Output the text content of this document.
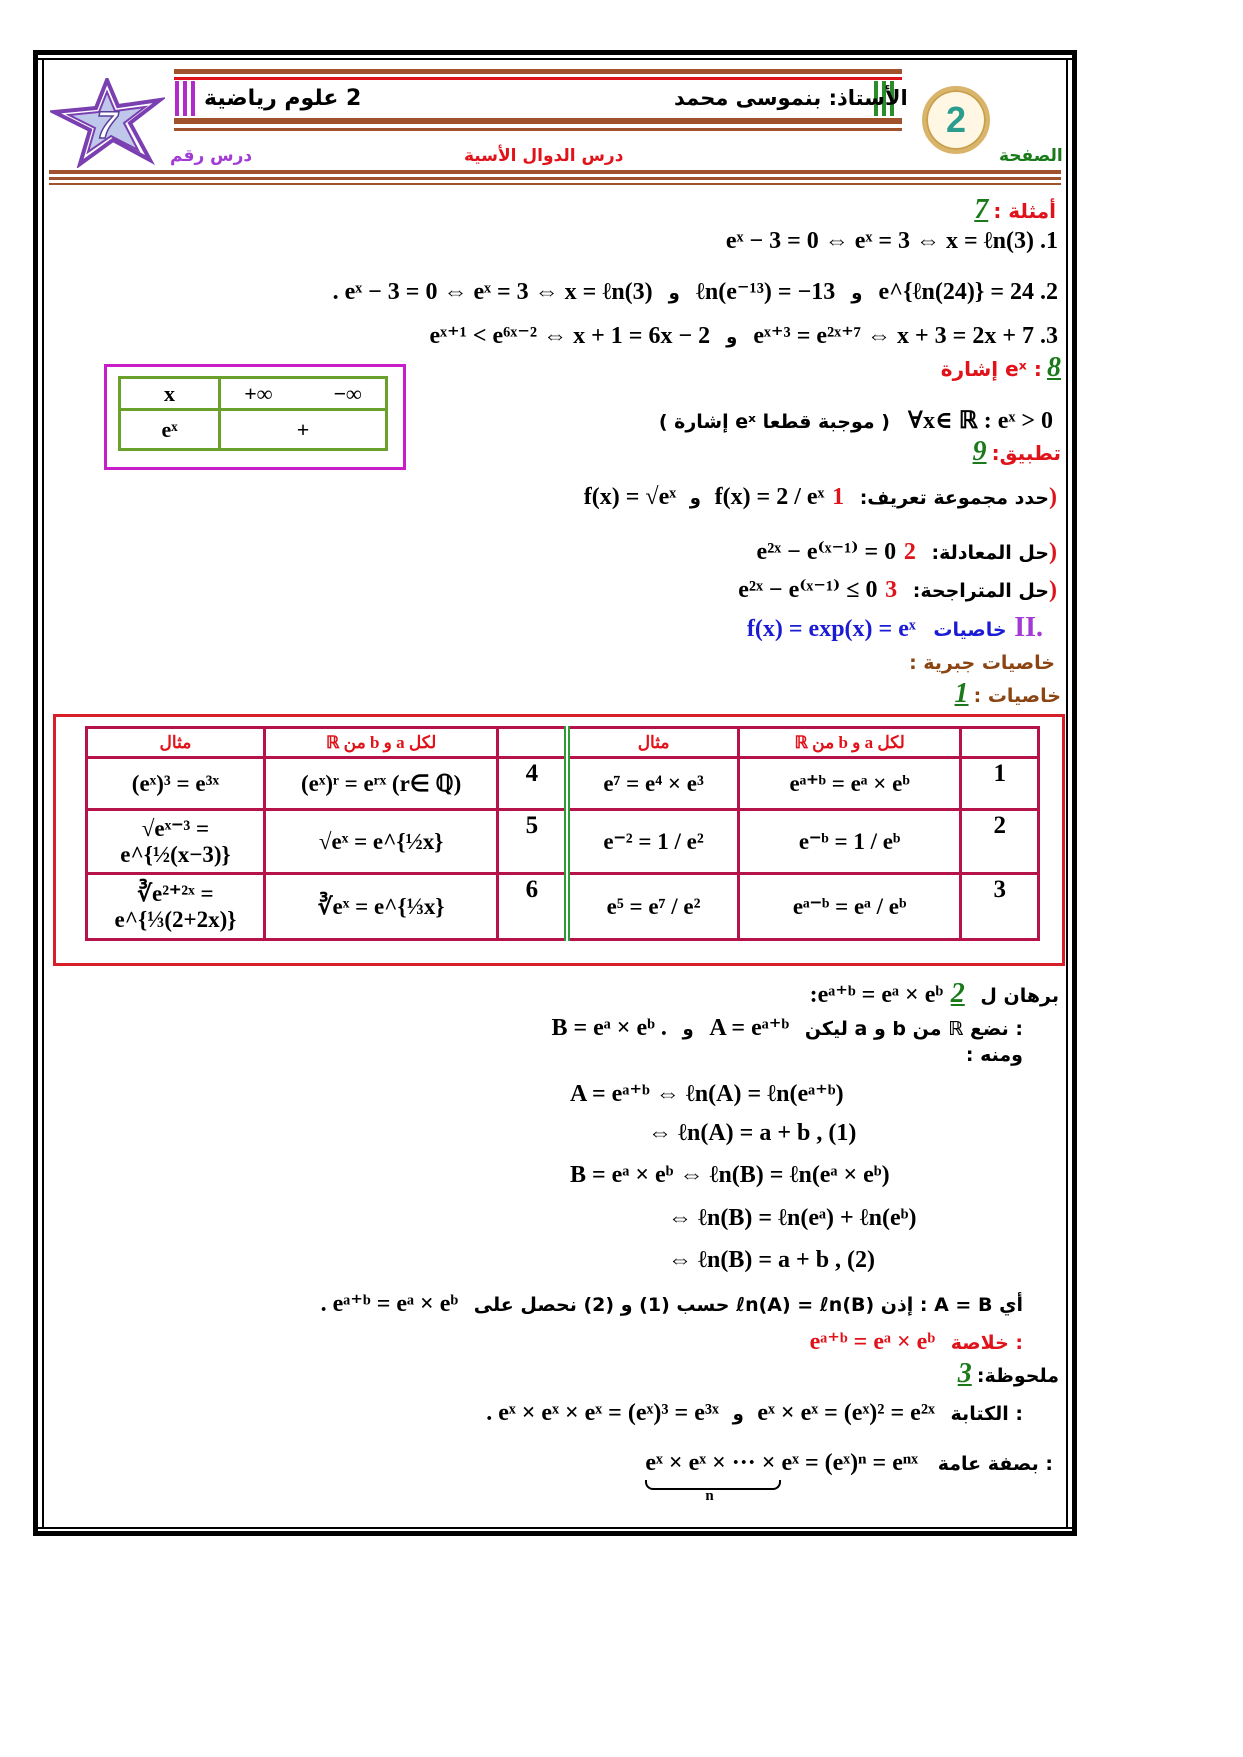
7
2 علوم رياضية	الأستاذ: بنموسى محمد
2
درس رقم	درس الدوال الأسية	الصفحة
أمثلة : 7
eˣ − 3 = 0 ⇔ eˣ = 3 ⇔ x = ℓn(3) .1
. eˣ − 3 = 0 ⇔ eˣ = 3 ⇔ x = ℓn(3) و ℓn(e⁻¹³) = −13 و e^{ℓn(24)} = 24 .2
eˣ⁺¹ < e⁶ˣ⁻² ⇔ x + 1 = 6x − 2 و eˣ⁺³ = e²ˣ⁺⁷ ⇔ x + 3 = 2x + 7 .3
إشارة eˣ : 8
x	+∞ −∞
eˣ	+	( إشارة eˣ موجبة قطعا ) ∀x∈ ℝ : eˣ > 0
تطبيق: 9
f(x) = √eˣ و f(x) = 2 / eˣ حدد مجموعة تعريف: 1)
e²ˣ − e⁽ˣ⁻¹⁾ = 0 حل المعادلة: 2)
e²ˣ − e⁽ˣ⁻¹⁾ ≤ 0 حل المتراجحة: 3)
f(x) = exp(x) = eˣ خاصيات II.
خاصيات جبرية :
خاصيات : 1
مثال	لكل a و b من ℝ		مثال	لكل a و b من ℝ	
(eˣ)³ = e³ˣ	(eˣ)ʳ = eʳˣ (r∈ ℚ)	4	e⁷ = e⁴ × e³	eᵃ⁺ᵇ = eᵃ × eᵇ	1
√eˣ⁻³ = e^{½(x−3)}	√eˣ = e^{½x}	5	e⁻² = 1 / e²	e⁻ᵇ = 1 / eᵇ	2
∛e²⁺²ˣ = e^{⅓(2+2x)}	∛eˣ = e^{⅓x}	6	e⁵ = e⁷ / e²	eᵃ⁻ᵇ = eᵃ / eᵇ	3
:eᵃ⁺ᵇ = eᵃ × eᵇ برهان ل 2
B = eᵃ × eᵇ . و A = eᵃ⁺ᵇ ليكن a و b من ℝ نضع :
ومنه :
A = eᵃ⁺ᵇ ⇔ ℓn(A) = ℓn(eᵃ⁺ᵇ)
⇔ ℓn(A) = a + b , (1)
B = eᵃ × eᵇ ⇔ ℓn(B) = ℓn(eᵃ × eᵇ)
⇔ ℓn(B) = ℓn(eᵃ) + ℓn(eᵇ)
⇔ ℓn(B) = a + b , (2)
. eᵃ⁺ᵇ = eᵃ × eᵇ حسب (1) و (2) نحصل على ℓn(A) = ℓn(B) إذن : A = B أي
eᵃ⁺ᵇ = eᵃ × eᵇ خلاصة :
ملحوظة: 3
. eˣ × eˣ × eˣ = (eˣ)³ = e³ˣ و eˣ × eˣ = (eˣ)² = e²ˣ الكتابة :
eˣ × eˣ × ··· × eˣ = (eˣ)ⁿ = eⁿˣ
n
بصفة عامة :
